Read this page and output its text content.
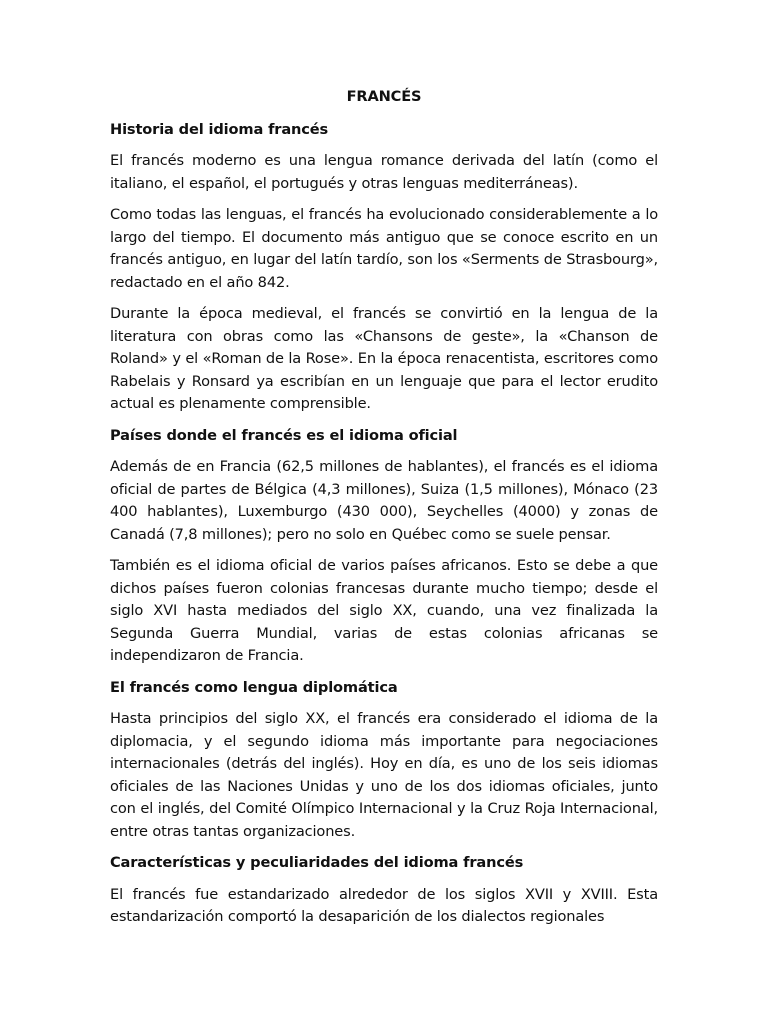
FRANCÉS
Historia del idioma francés

El francés moderno es una lengua romance derivada del latín (como el italiano, el español, el portugués y otras lenguas mediterráneas).

Como todas las lenguas, el francés ha evolucionado considerablemente a lo largo del tiempo. El documento más antiguo que se conoce escrito en un francés antiguo, en lugar del latín tardío, son los «Serments de Strasbourg», redactado en el año 842.

Durante la época medieval, el francés se convirtió en la lengua de la literatura con obras como las «Chansons de geste», la «Chanson de Roland» y el «Roman de la Rose». En la época renacentista, escritores como Rabelais y Ronsard ya escribían en un lenguaje que para el lector erudito actual es plenamente comprensible.

Países donde el francés es el idioma oficial

Además de en Francia (62,5 millones de hablantes), el francés es el idioma oficial de partes de Bélgica (4,3 millones), Suiza (1,5 millones), Mónaco (23 400 hablantes), Luxemburgo (430 000), Seychelles (4000) y zonas de Canadá (7,8 millones); pero no solo en Québec como se suele pensar.

También es el idioma oficial de varios países africanos. Esto se debe a que dichos países fueron colonias francesas durante mucho tiempo; desde el siglo XVI hasta mediados del siglo XX, cuando, una vez finalizada la Segunda Guerra Mundial, varias de estas colonias africanas se independizaron de Francia.

El francés como lengua diplomática

Hasta principios del siglo XX, el francés era considerado el idioma de la diplomacia, y el segundo idioma más importante para negociaciones internacionales (detrás del inglés). Hoy en día, es uno de los seis idiomas oficiales de las Naciones Unidas y uno de los dos idiomas oficiales, junto con el inglés, del Comité Olímpico Internacional y la Cruz Roja Internacional, entre otras tantas organizaciones.

Características y peculiaridades del idioma francés

El francés fue estandarizado alrededor de los siglos XVII y XVIII. Esta estandarización comportó la desaparición de los dialectos regionales
